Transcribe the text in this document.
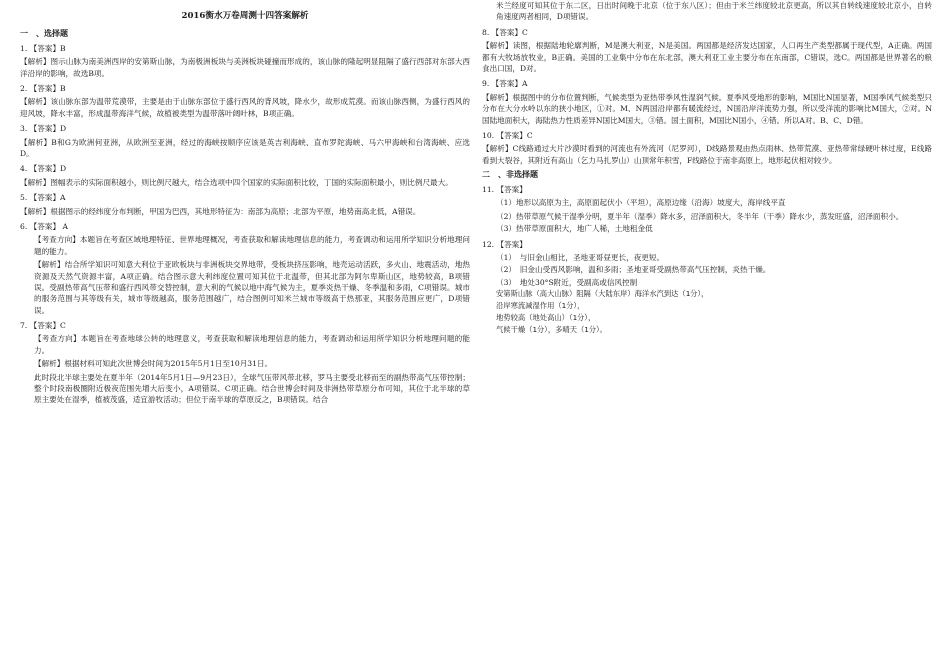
2016衡水万卷周测十四答案解析
一　、选择题
1. 【答案】B
【解析】图示山脉为南美洲西岸的安第斯山脉，为南极洲板块与美洲板块碰撞而形成的，该山脉的隆起明显阻隔了盛行西部对东部大西洋沿岸的影响，故选B项。
2. 【答案】B
【解析】该山脉东部为温带荒漠带，主要是由于山脉东部位于盛行西风的背风坡，降水少，故形成荒漠。而该山脉西侧，为盛行西风的迎风坡，降水丰富，形成温带海洋气候，故植被类型为温带落叶阔叶林，B项正确。
3. 【答案】D
【解析】B和G为欧洲何亚洲，从欧洲至亚洲，经过的海峡按顺序应该是英吉利海峡、直布罗陀海峡、马六甲海峡和台湾海峡、应选D。
4. 【答案】D
【解析】图幅表示的实际面积越小，则比例尺越大，结合选项中四个国家的实际面积比较，丁国的实际面积最小，则比例尺最大。
5. 【答案】A
【解析】根据图示的经纬度分布判断，甲国为巴西，其地形特征为：南部为高原；北部为平原，地势南高北低，A错误。
6. 【答案】 A
【考查方向】本题旨在考查区域地理特征、世界地理概况，考查获取和解读地理信息的能力，考查调动和运用所学知识分析地理问题的能力。
【解析】结合所学知识可知意大利位于亚欧板块与非洲板块交界地带，受板块挤压影响，地壳运动活跃，多火山、地震活动，地热资源及天然气资源丰富，A项正确。结合图示意大利纬度位置可知其位于北温带，但其北部为阿尔卑斯山区，地势较高，B项错误。受副热带高气压带和盛行西风带交替控制，意大利的气候以地中海气候为主，夏季炎热干燥、冬季温和多雨，C项错误。城市的服务范围与其等级有关，城市等级越高，服务范围越广，结合图例可知米兰城市等级高于热那亚，其服务范围应更广，D项错误。
7. 【答案】C
【考查方向】本题旨在考查地球公转的地理意义，考查获取和解读地理信息的能力，考查调动和运用所学知识分析地理问题的能力。
【解析】根据材料可知此次世博会时间为2015年5月1日至10月31日。
此时段北半球主要处在夏半年（2014年5月1日—9月23日），全球气压带风带北移，罗马主要受北移而至的副热带高气压带控制；整个时段南极圈附近极夜范围先增大后变小，A项错误、C项正确。结合世博会时间及非洲热带草原分布可知，其位于北半球的草原主要处在湿季，植被茂盛，适宜游牧活动；但位于南半球的草原反之，B项错误。结合
米兰经度可知其位于东二区，日出时间晚于北京（位于东八区）；但由于米兰纬度较北京更高，所以其自转线速度较北京小，自转角速度两者相同，D项错误。
8. 【答案】C
【解析】读图，根据陆地轮廓判断，M是澳大利亚，N是美国。两国都是经济发达国家，人口再生产类型都属于现代型，A正确。两国都有大牧场放牧业，B正确。美国的工业集中分布在东北部，澳大利亚工业主要分布在东南部，C错误，选C。两国都是世界著名的粮食出口国，D对。
9. 【答案】A
【解析】根据图中的分布位置判断，气候类型为亚热带季风性湿润气候。夏季风受地形的影响，M国比N国显著，M国季风气候类型只分布在大分水岭以东的狭小地区，①对。M、N两国沿岸都有暖流经过，N国沿岸洋流势力强，所以受洋流的影响比M国大，②对。N国陆地面积大，海陆热力性质差异N国比M国大，③错。国土面积，M国比N国小，④错。所以A对。B、C、D错。
10. 【答案】C
【解析】C线路通过大片沙漠时看到的河流也有外流河（尼罗河），D线路景观由热点雨林、热带荒漠、亚热带常绿硬叶林过度，E线路看到大裂谷，其附近有高山（乞力马扎罗山）山顶常年积雪，F线路位于南非高原上，地形起伏相对较少。
二　、非选择题
11. 【答案】
（1）地形以高原为主，高原面起伏小（平坦），高原边缘（沿海）坡度大，海岸线平直
（2）热带草原气候干湿季分明，夏半年（湿季）降水多，沼泽面积大，冬半年（干季）降水少，蒸发旺盛，沼泽面积小。
（3）热带草原面积大，地广人稀，土地租金低
12. 【答案】
（1）　与旧金山相比，圣地亚哥昼更长，夜更短。
（2）　旧金山受西风影响，温和多雨；圣地亚哥受副热带高气压控制，炎热干燥。
（3）　地处30°S附近，受副高或信风控制
安第斯山脉（高大山脉）阻隔（大陆东岸）海洋水汽到达（1分），
沿岸寒流减湿作用（1分），
地势较高（地处高山）（1分），
气候干燥（1分），多晴天（1分）。
